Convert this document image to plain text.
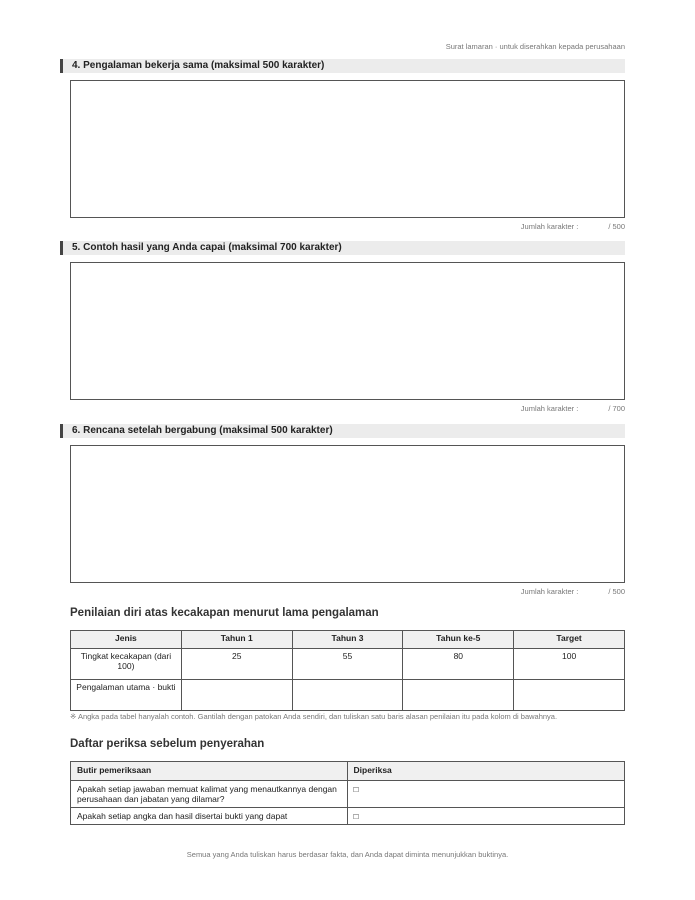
Surat lamaran · untuk diserahkan kepada perusahaan
4. Pengalaman bekerja sama (maksimal 500 karakter)
Jumlah karakter :	/ 500
5. Contoh hasil yang Anda capai (maksimal 700 karakter)
Jumlah karakter :	/ 700
6. Rencana setelah bergabung (maksimal 500 karakter)
Jumlah karakter :	/ 500
Penilaian diri atas kecakapan menurut lama pengalaman
Jenis	Tahun 1	Tahun 3	Tahun ke-5	Target
Tingkat kecakapan (dari 100)	25	55	80	100
Pengalaman utama · bukti				
※ Angka pada tabel hanyalah contoh. Gantilah dengan patokan Anda sendiri, dan tuliskan satu baris alasan penilaian itu pada kolom di bawahnya.
Daftar periksa sebelum penyerahan
Butir pemeriksaan	Diperiksa
Apakah setiap jawaban memuat kalimat yang menautkannya dengan perusahaan dan jabatan yang dilamar?	□
Apakah setiap angka dan hasil disertai bukti yang dapat	□
Semua yang Anda tuliskan harus berdasar fakta, dan Anda dapat diminta menunjukkan buktinya.
